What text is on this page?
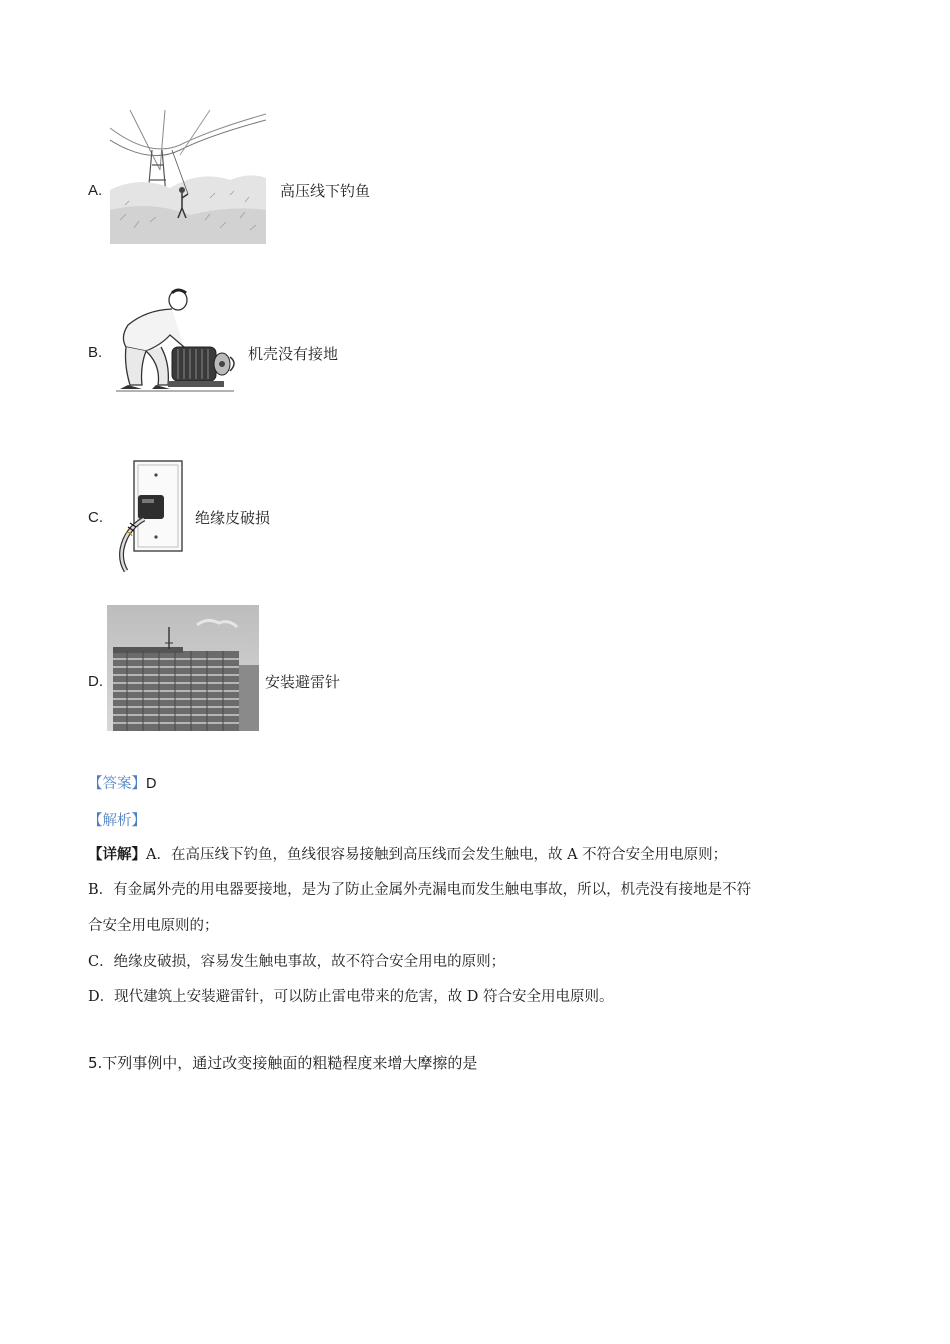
A.	高压线下钓鱼
B.	机壳没有接地
C.	绝缘皮破损
D.	安装避雷针
【答案】D
【解析】
【详解】A．在高压线下钓鱼，鱼线很容易接触到高压线而会发生触电，故 A 不符合安全用电原则；
B．有金属外壳的用电器要接地，是为了防止金属外壳漏电而发生触电事故，所以，机壳没有接地是不符
合安全用电原则的；
C．绝缘皮破损，容易发生触电事故，故不符合安全用电的原则；
D．现代建筑上安装避雷针，可以防止雷电带来的危害，故 D 符合安全用电原则。
5.下列事例中，通过改变接触面的粗糙程度来增大摩擦的是
